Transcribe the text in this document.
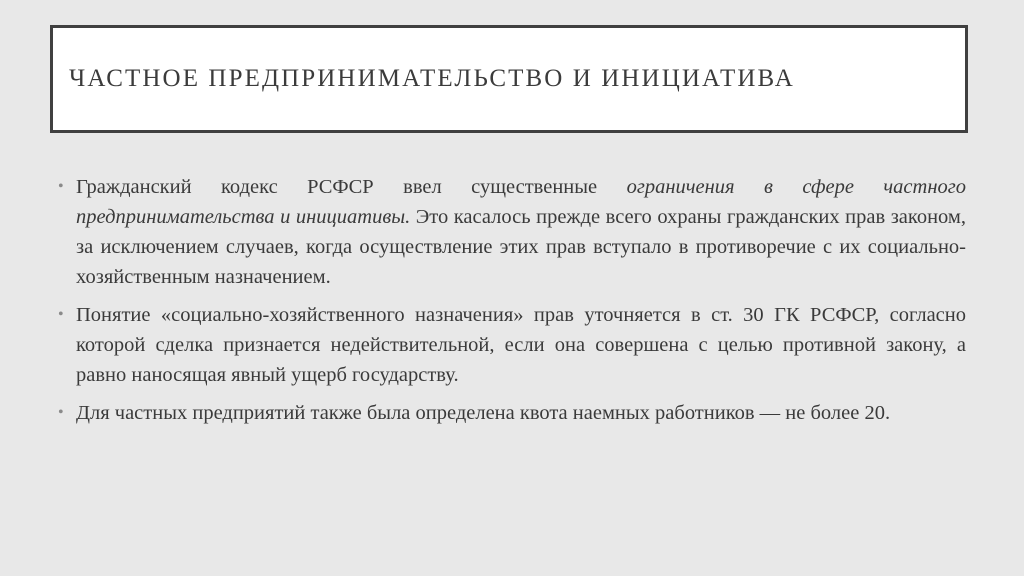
ЧАСТНОЕ ПРЕДПРИНИМАТЕЛЬСТВО И ИНИЦИАТИВА
• Гражданский кодекс РСФСР ввел существенные ограничения в сфере частного предпринимательства и инициативы. Это касалось прежде всего охраны гражданских прав законом, за исключением случаев, когда осуществление этих прав вступало в противоречие с их социально-хозяйственным назначением.
• Понятие «социально-хозяйственного назначения» прав уточняется в ст. 30 ГК РСФСР, согласно которой сделка признается недействительной, если она совершена с целью противной закону, а равно наносящая явный ущерб государству.
• Для частных предприятий также была определена квота наемных работников — не более 20.
